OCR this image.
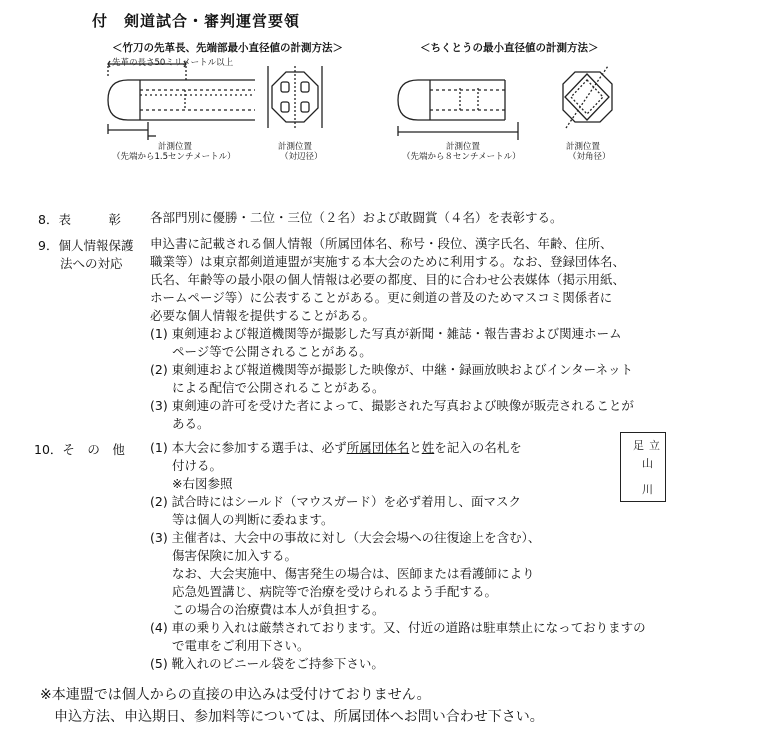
付　剣道試合・審判運営要領
＜竹刀の先革長、先端部最小直径値の計測方法＞
先革の長さ50ミリメートル以上
計測位置
（先端から1.5センチメートル）
計測位置
（対辺径）
＜ちくとうの最小直径値の計測方法＞
計測位置
（先端から８センチメートル）
計測位置
（対角径）
8．表　　　彰 各部門別に優勝・二位・三位（２名）および敢闘賞（４名）を表彰する。
9．個人情報保護
法への対応
申込書に記載される個人情報（所属団体名、称号・段位、漢字氏名、年齢、住所、
職業等）は東京都剣道連盟が実施する本大会のために利用する。なお、登録団体名、
氏名、年齢等の最小限の個人情報は必要の都度、目的に合わせ公表媒体（掲示用紙、
ホームページ等）に公表することがある。更に剣道の普及のためマスコミ関係者に
必要な個人情報を提供することがある。
(1) 東剣連および報道機関等が撮影した写真が新聞・雑誌・報告書および関連ホーム
ページ等で公開されることがある。
(2) 東剣連および報道機関等が撮影した映像が、中継・録画放映およびインターネット
による配信で公開されることがある。
(3) 東剣連の許可を受けた者によって、撮影された写真および映像が販売されることが
ある。
10．そ　の　他 (1) 本大会に参加する選手は、必ず所属団体名と姓を記入の名札を
付ける。
※右図参照
(2) 試合時にはシールド（マウスガード）を必ず着用し、面マスク
等は個人の判断に委ねます。
(3) 主催者は、大会中の事故に対し（大会会場への往復途上を含む）、
傷害保険に加入する。
なお、大会実施中、傷害発生の場合は、医師または看護師により
応急処置講じ、病院等で治療を受けられるよう手配する。
この場合の治療費は本人が負担する。
(4) 車の乗り入れは厳禁されております。又、付近の道路は駐車禁止になっておりますの
で電車をご利用下さい。
(5) 靴入れのビニール袋をご持参下さい。
足 立
山
川
※本連盟では個人からの直接の申込みは受付けておりません。
申込方法、申込期日、参加料等については、所属団体へお問い合わせ下さい。
